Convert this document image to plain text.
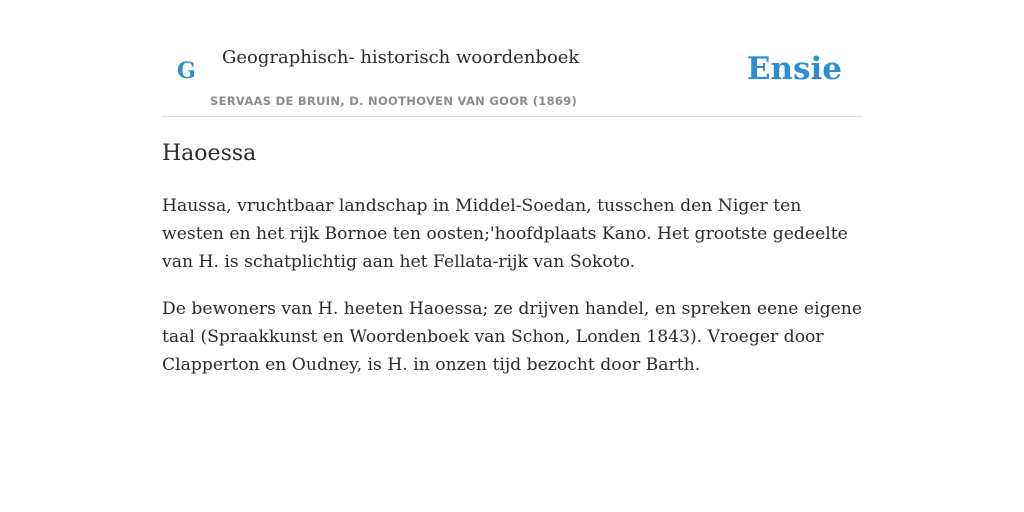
G
Geographisch- historisch woordenboek
SERVAAS DE BRUIN, D. NOOTHOVEN VAN GOOR (1869)
Ensie
Haoessa

Haussa, vruchtbaar landschap in Middel-Soedan, tusschen den Niger ten westen en het rijk Bornoe ten oosten;'hoofdplaats Kano. Het grootste gedeelte van H. is schatplichtig aan het Fellata-rijk van Sokoto.

De bewoners van H. heeten Haoessa; ze drijven handel, en spreken eene eigene taal (Spraakkunst en Woordenboek van Schon, Londen 1843). Vroeger door Clapperton en Oudney, is H. in onzen tijd bezocht door Barth.
